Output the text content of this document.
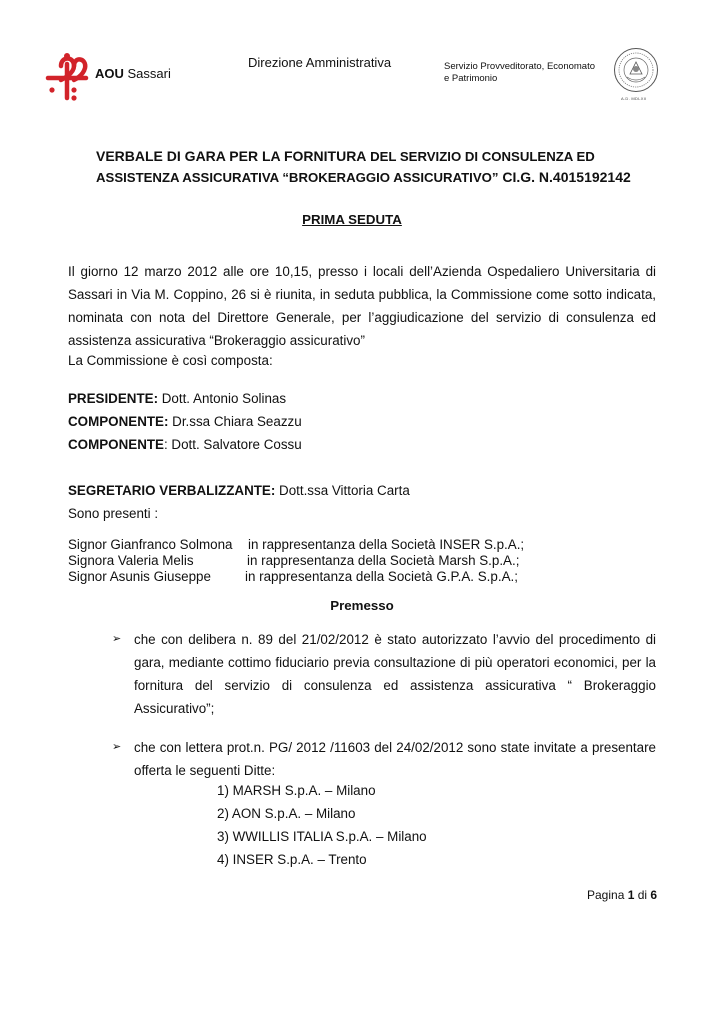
AOU Sassari
Direzione Amministrativa	Servizio Provveditorato, Economato
e Patrimonio
A.D. MDLXII
VERBALE DI GARA PER LA FORNITURA DEL SERVIZIO DI CONSULENZA ED
ASSISTENZA ASSICURATIVA “BROKERAGGIO ASSICURATIVO” CI.G. N.4015192142
PRIMA SEDUTA
Il giorno 12 marzo 2012 alle ore 10,15, presso i locali dell’Azienda Ospedaliero Universitaria di Sassari in Via M. Coppino, 26 si è riunita, in seduta pubblica, la Commissione come sotto indicata, nominata con nota del Direttore Generale, per l’aggiudicazione del servizio di consulenza ed assistenza assicurativa “Brokeraggio assicurativo”
La Commissione è così composta:
PRESIDENTE: Dott. Antonio Solinas
COMPONENTE: Dr.ssa Chiara Seazzu
COMPONENTE: Dott. Salvatore Cossu
SEGRETARIO VERBALIZZANTE: Dott.ssa Vittoria Carta
Sono presenti :
Signor Gianfranco Solmona in rappresentanza della Società INSER S.p.A.;
Signora Valeria Melis	in rappresentanza della Società Marsh S.p.A.;
Signor Asunis Giuseppe	in rappresentanza della Società G.P.A. S.p.A.;
Premesso
➢ che con delibera n. 89 del 21/02/2012 è stato autorizzato l’avvio del procedimento di gara, mediante cottimo fiduciario previa consultazione di più operatori economici, per la fornitura del servizio di consulenza ed assistenza assicurativa “ Brokeraggio Assicurativo”;
➢ che con lettera prot.n. PG/ 2012 /11603 del 24/02/2012 sono state invitate a presentare offerta le seguenti Ditte:
1) MARSH S.p.A. – Milano
2) AON S.p.A. – Milano
3) WWILLIS ITALIA S.p.A. – Milano
4) INSER S.p.A. – Trento
Pagina 1 di 6
